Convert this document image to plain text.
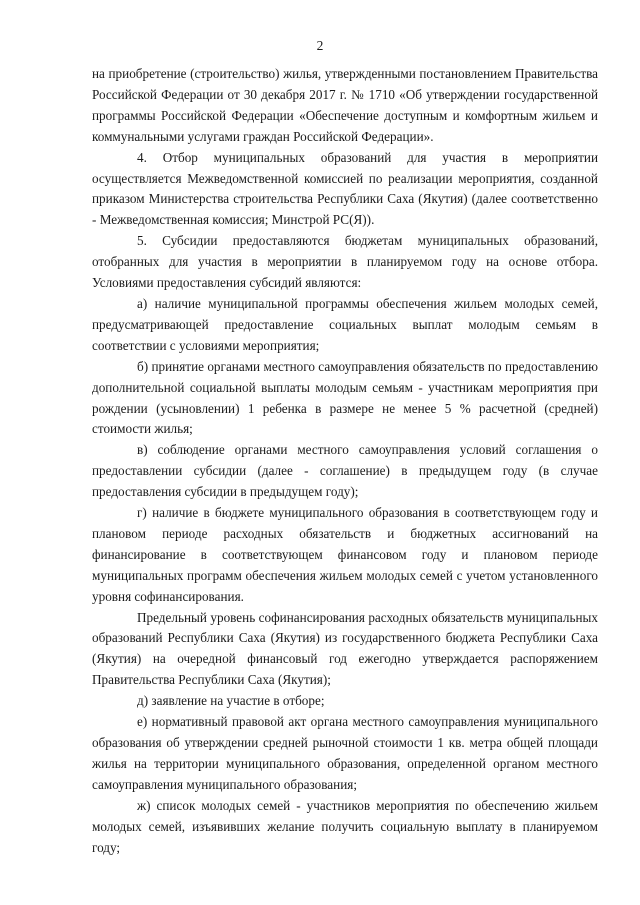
2

на приобретение (строительство) жилья, утвержденными постановлением Правительства Российской Федерации от 30 декабря 2017 г. № 1710 «Об утверждении государственной программы Российской Федерации «Обеспечение доступным и комфортным жильем и коммунальными услугами граждан Российской Федерации».

4. Отбор муниципальных образований для участия в мероприятии осуществляется Межведомственной комиссией по реализации мероприятия, созданной приказом Министерства строительства Республики Саха (Якутия) (далее соответственно - Межведомственная комиссия; Минстрой РС(Я)).

5. Субсидии предоставляются бюджетам муниципальных образований, отобранных для участия в мероприятии в планируемом году на основе отбора. Условиями предоставления субсидий являются:

а) наличие муниципальной программы обеспечения жильем молодых семей, предусматривающей предоставление социальных выплат молодым семьям в соответствии с условиями мероприятия;

б) принятие органами местного самоуправления обязательств по предоставлению дополнительной социальной выплаты молодым семьям - участникам мероприятия при рождении (усыновлении) 1 ребенка в размере не менее 5 % расчетной (средней) стоимости жилья;

в) соблюдение органами местного самоуправления условий соглашения о предоставлении субсидии (далее - соглашение) в предыдущем году (в случае предоставления субсидии в предыдущем году);

г) наличие в бюджете муниципального образования в соответствующем году и плановом периоде расходных обязательств и бюджетных ассигнований на финансирование в соответствующем финансовом году и плановом периоде муниципальных программ обеспечения жильем молодых семей с учетом установленного уровня софинансирования.

Предельный уровень софинансирования расходных обязательств муниципальных образований Республики Саха (Якутия) из государственного бюджета Республики Саха (Якутия) на очередной финансовый год ежегодно утверждается распоряжением Правительства Республики Саха (Якутия);

д) заявление на участие в отборе;

е) нормативный правовой акт органа местного самоуправления муниципального образования об утверждении средней рыночной стоимости 1 кв. метра общей площади жилья на территории муниципального образования, определенной органом местного самоуправления муниципального образования;

ж) список молодых семей - участников мероприятия по обеспечению жильем молодых семей, изъявивших желание получить социальную выплату в планируемом году;
